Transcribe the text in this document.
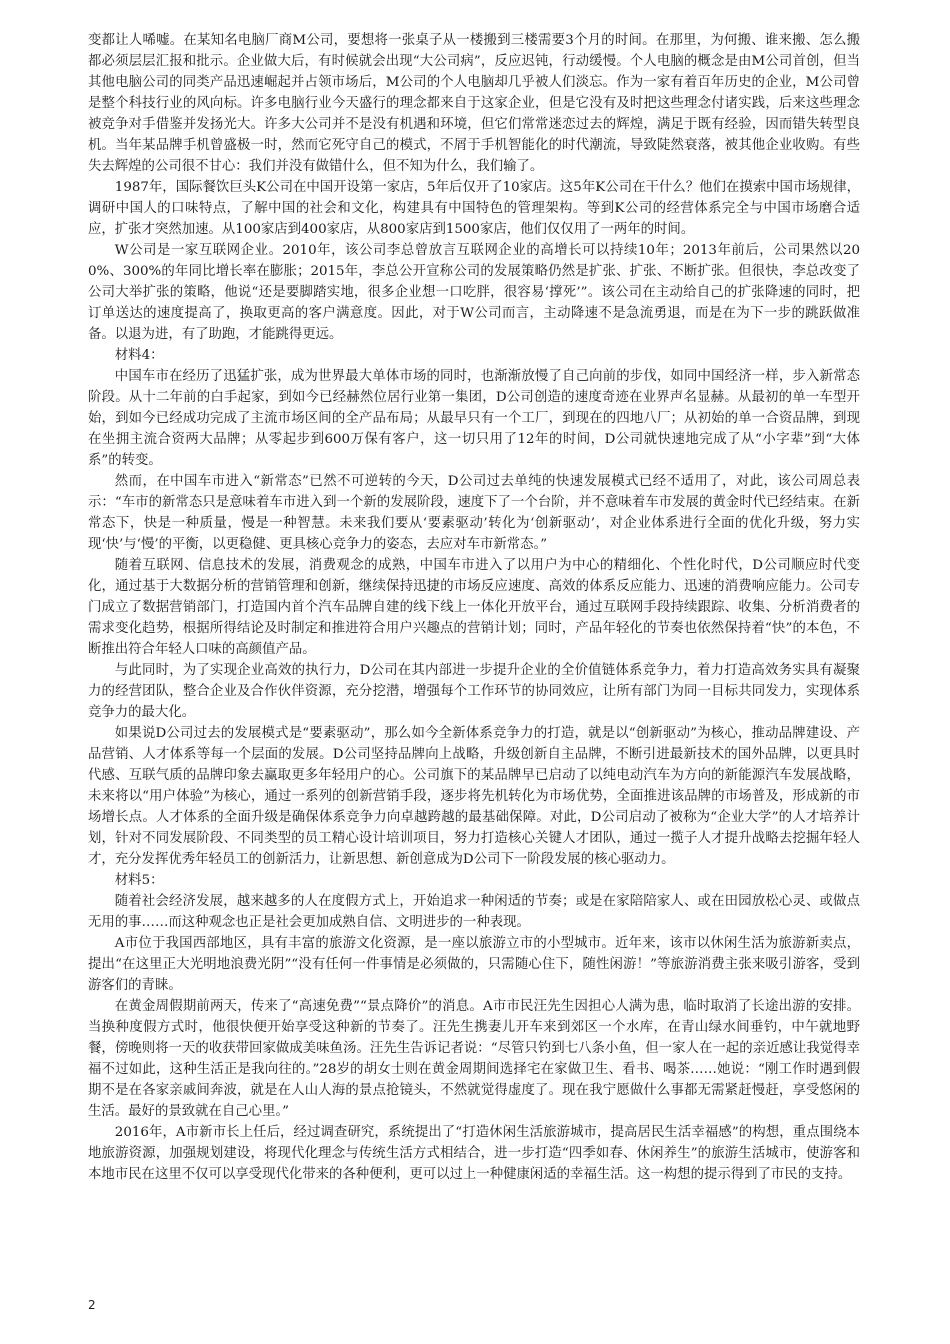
变都让人唏嘘。在某知名电脑厂商M公司，要想将一张桌子从一楼搬到三楼需要3个月的时间。在那里，为何搬、谁来搬、怎么搬都必须层层汇报和批示。企业做大后，有时候就会出现“大公司病”，反应迟钝，行动缓慢。个人电脑的概念是由M公司首创，但当其他电脑公司的同类产品迅速崛起并占领市场后，M公司的个人电脑却几乎被人们淡忘。作为一家有着百年历史的企业，M公司曾是整个科技行业的风向标。许多电脑行业今天盛行的理念都来自于这家企业，但是它没有及时把这些理念付诸实践，后来这些理念被竞争对手借鉴并发扬光大。许多大公司并不是没有机遇和环境，但它们常常迷恋过去的辉煌，满足于既有经验，因而错失转型良机。当年某品牌手机曾盛极一时，然而它死守自己的模式，不屑于手机智能化的时代潮流，导致陡然衰落，被其他企业收购。有些失去辉煌的公司很不甘心：我们并没有做错什么，但不知为什么，我们输了。

1987年，国际餐饮巨头K公司在中国开设第一家店，5年后仅开了10家店。这5年K公司在干什么？他们在摸索中国市场规律，调研中国人的口味特点，了解中国的社会和文化，构建具有中国特色的管理架构。等到K公司的经营体系完全与中国市场磨合适应，扩张才突然加速。从100家店到400家店，从800家店到1500家店，他们仅仅用了一两年的时间。

W公司是一家互联网企业。2010年，该公司李总曾放言互联网企业的高增长可以持续10年；2013年前后，公司果然以200%、300%的年同比增长率在膨胀；2015年，李总公开宣称公司的发展策略仍然是扩张、扩张、不断扩张。但很快，李总改变了公司大举扩张的策略，他说“还是要脚踏实地，很多企业想一口吃胖，很容易‘撑死’”。该公司在主动给自己的扩张降速的同时，把订单送达的速度提高了，换取更高的客户满意度。因此，对于W公司而言，主动降速不是急流勇退，而是在为下一步的跳跃做准备。以退为进，有了助跑，才能跳得更远。

材料4：

中国车市在经历了迅猛扩张，成为世界最大单体市场的同时，也渐渐放慢了自己向前的步伐，如同中国经济一样，步入新常态阶段。从十二年前的白手起家，到如今已经赫然位居行业第一集团，D公司创造的速度奇迹在业界声名显赫。从最初的单一车型开始，到如今已经成功完成了主流市场区间的全产品布局；从最早只有一个工厂，到现在的四地八厂；从初始的单一合资品牌，到现在坐拥主流合资两大品牌；从零起步到600万保有客户，这一切只用了12年的时间，D公司就快速地完成了从“小字辈”到“大体系”的转变。

然而，在中国车市进入“新常态”已然不可逆转的今天，D公司过去单纯的快速发展模式已经不适用了，对此，该公司周总表示：“车市的新常态只是意味着车市进入到一个新的发展阶段，速度下了一个台阶，并不意味着车市发展的黄金时代已经结束。在新常态下，快是一种质量，慢是一种智慧。未来我们要从‘要素驱动’转化为‘创新驱动’，对企业体系进行全面的优化升级，努力实现‘快’与‘慢’的平衡，以更稳健、更具核心竞争力的姿态，去应对车市新常态。”

随着互联网、信息技术的发展，消费观念的成熟，中国车市进入了以用户为中心的精细化、个性化时代，D公司顺应时代变化，通过基于大数据分析的营销管理和创新，继续保持迅捷的市场反应速度、高效的体系反应能力、迅速的消费响应能力。公司专门成立了数据营销部门，打造国内首个汽车品牌自建的线下线上一体化开放平台，通过互联网手段持续跟踪、收集、分析消费者的需求变化趋势，根据所得结论及时制定和推进符合用户兴趣点的营销计划；同时，产品年轻化的节奏也依然保持着“快”的本色，不断推出符合年轻人口味的高颜值产品。

与此同时，为了实现企业高效的执行力，D公司在其内部进一步提升企业的全价值链体系竞争力，着力打造高效务实具有凝聚力的经营团队，整合企业及合作伙伴资源，充分挖潜，增强每个工作环节的协同效应，让所有部门为同一目标共同发力，实现体系竞争力的最大化。

如果说D公司过去的发展模式是“要素驱动”，那么如今全新体系竞争力的打造，就是以“创新驱动”为核心，推动品牌建设、产品营销、人才体系等每一个层面的发展。D公司坚持品牌向上战略，升级创新自主品牌，不断引进最新技术的国外品牌，以更具时代感、互联气质的品牌印象去赢取更多年轻用户的心。公司旗下的某品牌早已启动了以纯电动汽车为方向的新能源汽车发展战略，未来将以“用户体验”为核心，通过一系列的创新营销手段，逐步将先机转化为市场优势，全面推进该品牌的市场普及，形成新的市场增长点。人才体系的全面升级是确保体系竞争力向卓越跨越的最基础保障。对此，D公司启动了被称为“企业大学”的人才培养计划，针对不同发展阶段、不同类型的员工精心设计培训项目，努力打造核心关键人才团队，通过一揽子人才提升战略去挖掘年轻人才，充分发挥优秀年轻员工的创新活力，让新思想、新创意成为D公司下一阶段发展的核心驱动力。

材料5：

随着社会经济发展，越来越多的人在度假方式上，开始追求一种闲适的节奏；或是在家陪陪家人、或在田园放松心灵、或做点无用的事……而这种观念也正是社会更加成熟自信、文明进步的一种表现。

A市位于我国西部地区，具有丰富的旅游文化资源，是一座以旅游立市的小型城市。近年来，该市以休闲生活为旅游新卖点，提出“在这里正大光明地浪费光阴”“没有任何一件事情是必须做的，只需随心住下，随性闲游！”等旅游消费主张来吸引游客，受到游客们的青睐。

在黄金周假期前两天，传来了“高速免费”“景点降价”的消息。A市市民汪先生因担心人满为患，临时取消了长途出游的安排。当换种度假方式时，他很快便开始享受这种新的节奏了。汪先生携妻儿开车来到郊区一个水库，在青山绿水间垂钓，中午就地野餐，傍晚则将一天的收获带回家做成美味鱼汤。汪先生告诉记者说：“尽管只钓到七八条小鱼，但一家人在一起的亲近感让我觉得幸福不过如此，这种生活正是我向往的。”28岁的胡女士则在黄金周期间选择宅在家做卫生、看书、喝茶……她说：“刚工作时遇到假期不是在各家亲戚间奔波，就是在人山人海的景点抢镜头，不然就觉得虚度了。现在我宁愿做什么事都无需紧赶慢赶，享受悠闲的生活。最好的景致就在自己心里。”

2016年，A市新市长上任后，经过调查研究，系统提出了“打造休闲生活旅游城市，提高居民生活幸福感”的构想，重点围绕本地旅游资源，加强规划建设，将现代化理念与传统生活方式相结合，进一步打造“四季如春、休闲养生”的旅游生活城市，使游客和本地市民在这里不仅可以享受现代化带来的各种便利，更可以过上一种健康闲适的幸福生活。这一构想的提示得到了市民的支持。

2
